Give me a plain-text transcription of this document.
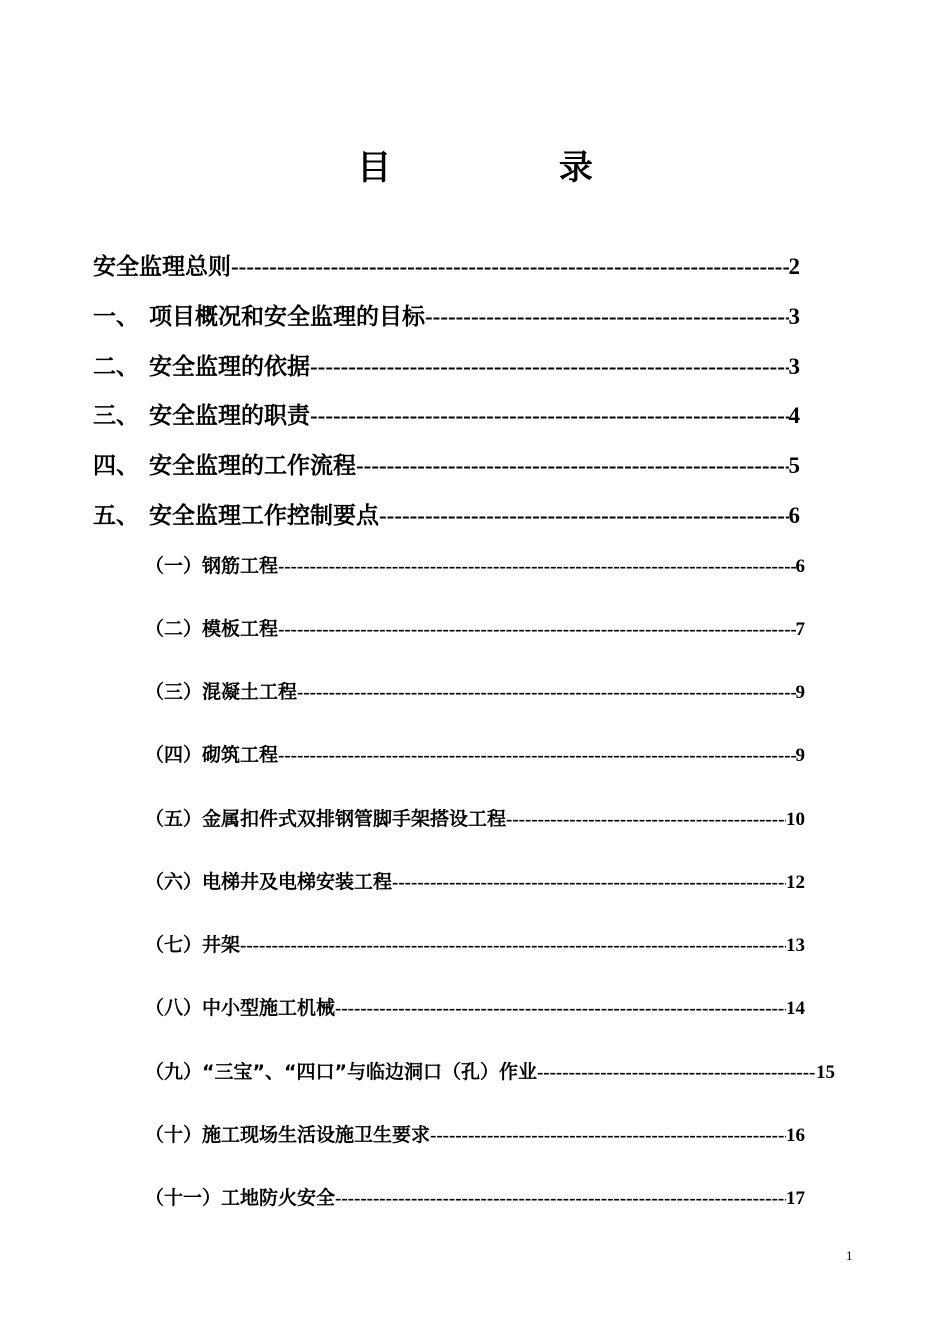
目 录
安全监理总则 -----	2
一、 项目概况和安全监理的目标 -----	3
二、 安全监理的依据 -----	3
三、 安全监理的职责 -----	4
四、 安全监理的工作流程 -----	5
五、 安全监理工作控制要点 -----	6
（一）钢筋工程 -----	6
（二）模板工程 -----	7
（三）混凝土工程 -----	9
（四）砌筑工程 -----	9
（五）金属扣件式双排钢管脚手架搭设工程 -----	10
（六）电梯井及电梯安装工程 -----	12
（七）井架 -----	13
（八）中小型施工机械 -----	14
（九）“三宝”、“四口”与临边洞口（孔）作业 -----	15
（十）施工现场生活设施卫生要求 -----	16
（十一）工地防火安全 -----	17
1
